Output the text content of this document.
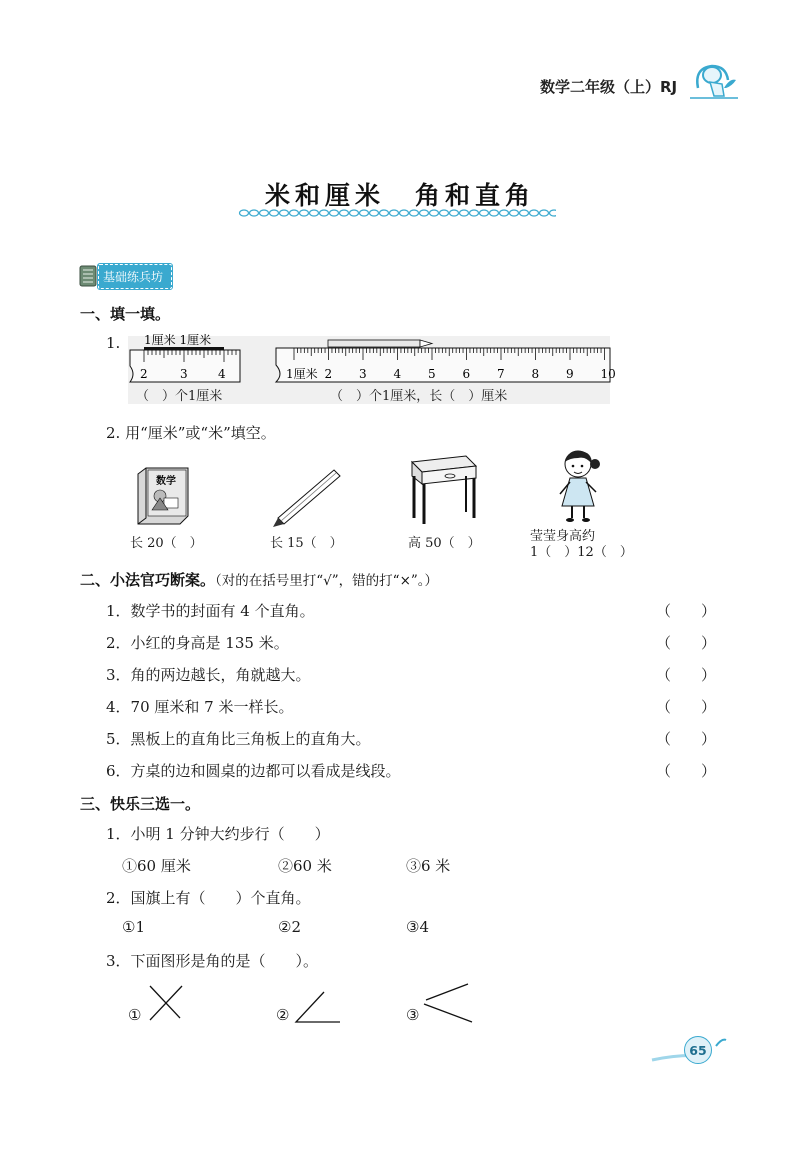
数学二年级（上）RJ
米和厘米　角和直角
基础练兵坊
一、填一填。
1. 1厘米 1厘米
2	3	4
（　）个1厘米
1厘米 2 3 4 5 6 7 8 9 10
（　）个1厘米，长（　）厘米
2. 用“厘米”或“米”填空。
数学
长 20（　）	长 15（　）	高 50（　）	莹莹身高约
1（　）12（　）
二、小法官巧断案。（对的在括号里打“√”，错的打“×”。）
1．数学书的封面有 4 个直角。	（　　）
2．小红的身高是 135 米。	（　　）
3．角的两边越长，角就越大。	（　　）
4．70 厘米和 7 米一样长。	（　　）
5．黑板上的直角比三角板上的直角大。	（　　）
6．方桌的边和圆桌的边都可以看成是线段。	（　　）
三、快乐三选一。
1．小明 1 分钟大约步行（　　）
①60 厘米	②60 米	③6 米
2．国旗上有（　　）个直角。
①1	②2	③4
3．下面图形是角的是（　　）。
①	②	③
65
